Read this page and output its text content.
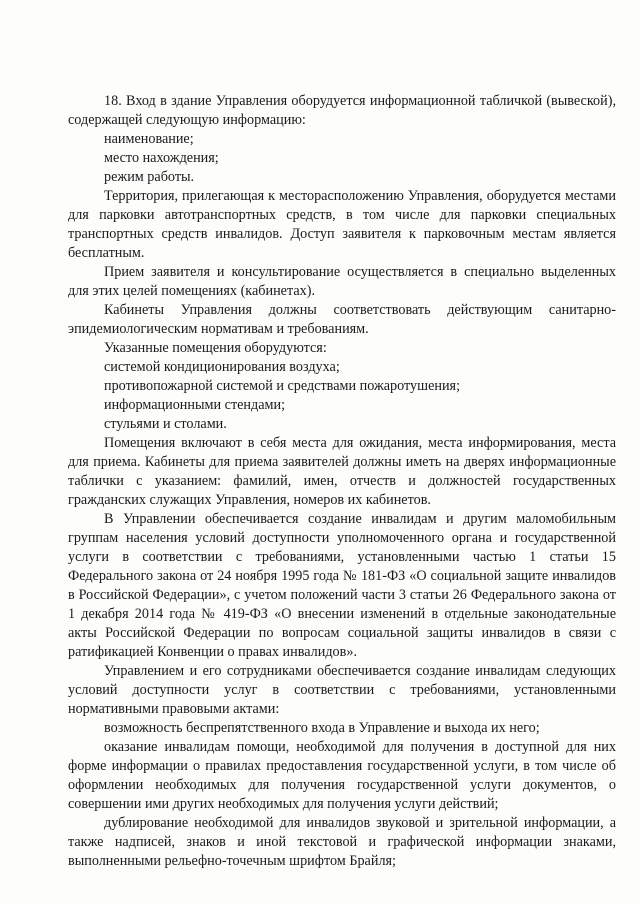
18. Вход в здание Управления оборудуется информационной табличкой (вывеской), содержащей следующую информацию:

наименование;

место нахождения;

режим работы.

Территория, прилегающая к месторасположению Управления, оборудуется местами для парковки автотранспортных средств, в том числе для парковки специальных транспортных средств инвалидов. Доступ заявителя к парковочным местам является бесплатным.

Прием заявителя и консультирование осуществляется в специально выделенных для этих целей помещениях (кабинетах).

Кабинеты Управления должны соответствовать действующим санитарно-эпидемиологическим нормативам и требованиям.

Указанные помещения оборудуются:

системой кондиционирования воздуха;

противопожарной системой и средствами пожаротушения;

информационными стендами;

стульями и столами.

Помещения включают в себя места для ожидания, места информирования, места для приема. Кабинеты для приема заявителей должны иметь на дверях информационные таблички с указанием: фамилий, имен, отчеств и должностей государственных гражданских служащих Управления, номеров их кабинетов.

В Управлении обеспечивается создание инвалидам и другим маломобильным группам населения условий доступности уполномоченного органа и государственной услуги в соответствии с требованиями, установленными частью 1 статьи 15 Федерального закона от 24 ноября 1995 года № 181-ФЗ «О социальной защите инвалидов в Российской Федерации», с учетом положений части 3 статьи 26 Федерального закона от 1 декабря 2014 года № 419-ФЗ «О внесении изменений в отдельные законодательные акты Российской Федерации по вопросам социальной защиты инвалидов в связи с ратификацией Конвенции о правах инвалидов».

Управлением и его сотрудниками обеспечивается создание инвалидам следующих условий доступности услуг в соответствии с требованиями, установленными нормативными правовыми актами:

возможность беспрепятственного входа в Управление и выхода их него;

оказание инвалидам помощи, необходимой для получения в доступной для них форме информации о правилах предоставления государственной услуги, в том числе об оформлении необходимых для получения государственной услуги документов, о совершении ими других необходимых для получения услуги действий;

дублирование необходимой для инвалидов звуковой и зрительной информации, а также надписей, знаков и иной текстовой и графической информации знаками, выполненными рельефно-точечным шрифтом Брайля;
